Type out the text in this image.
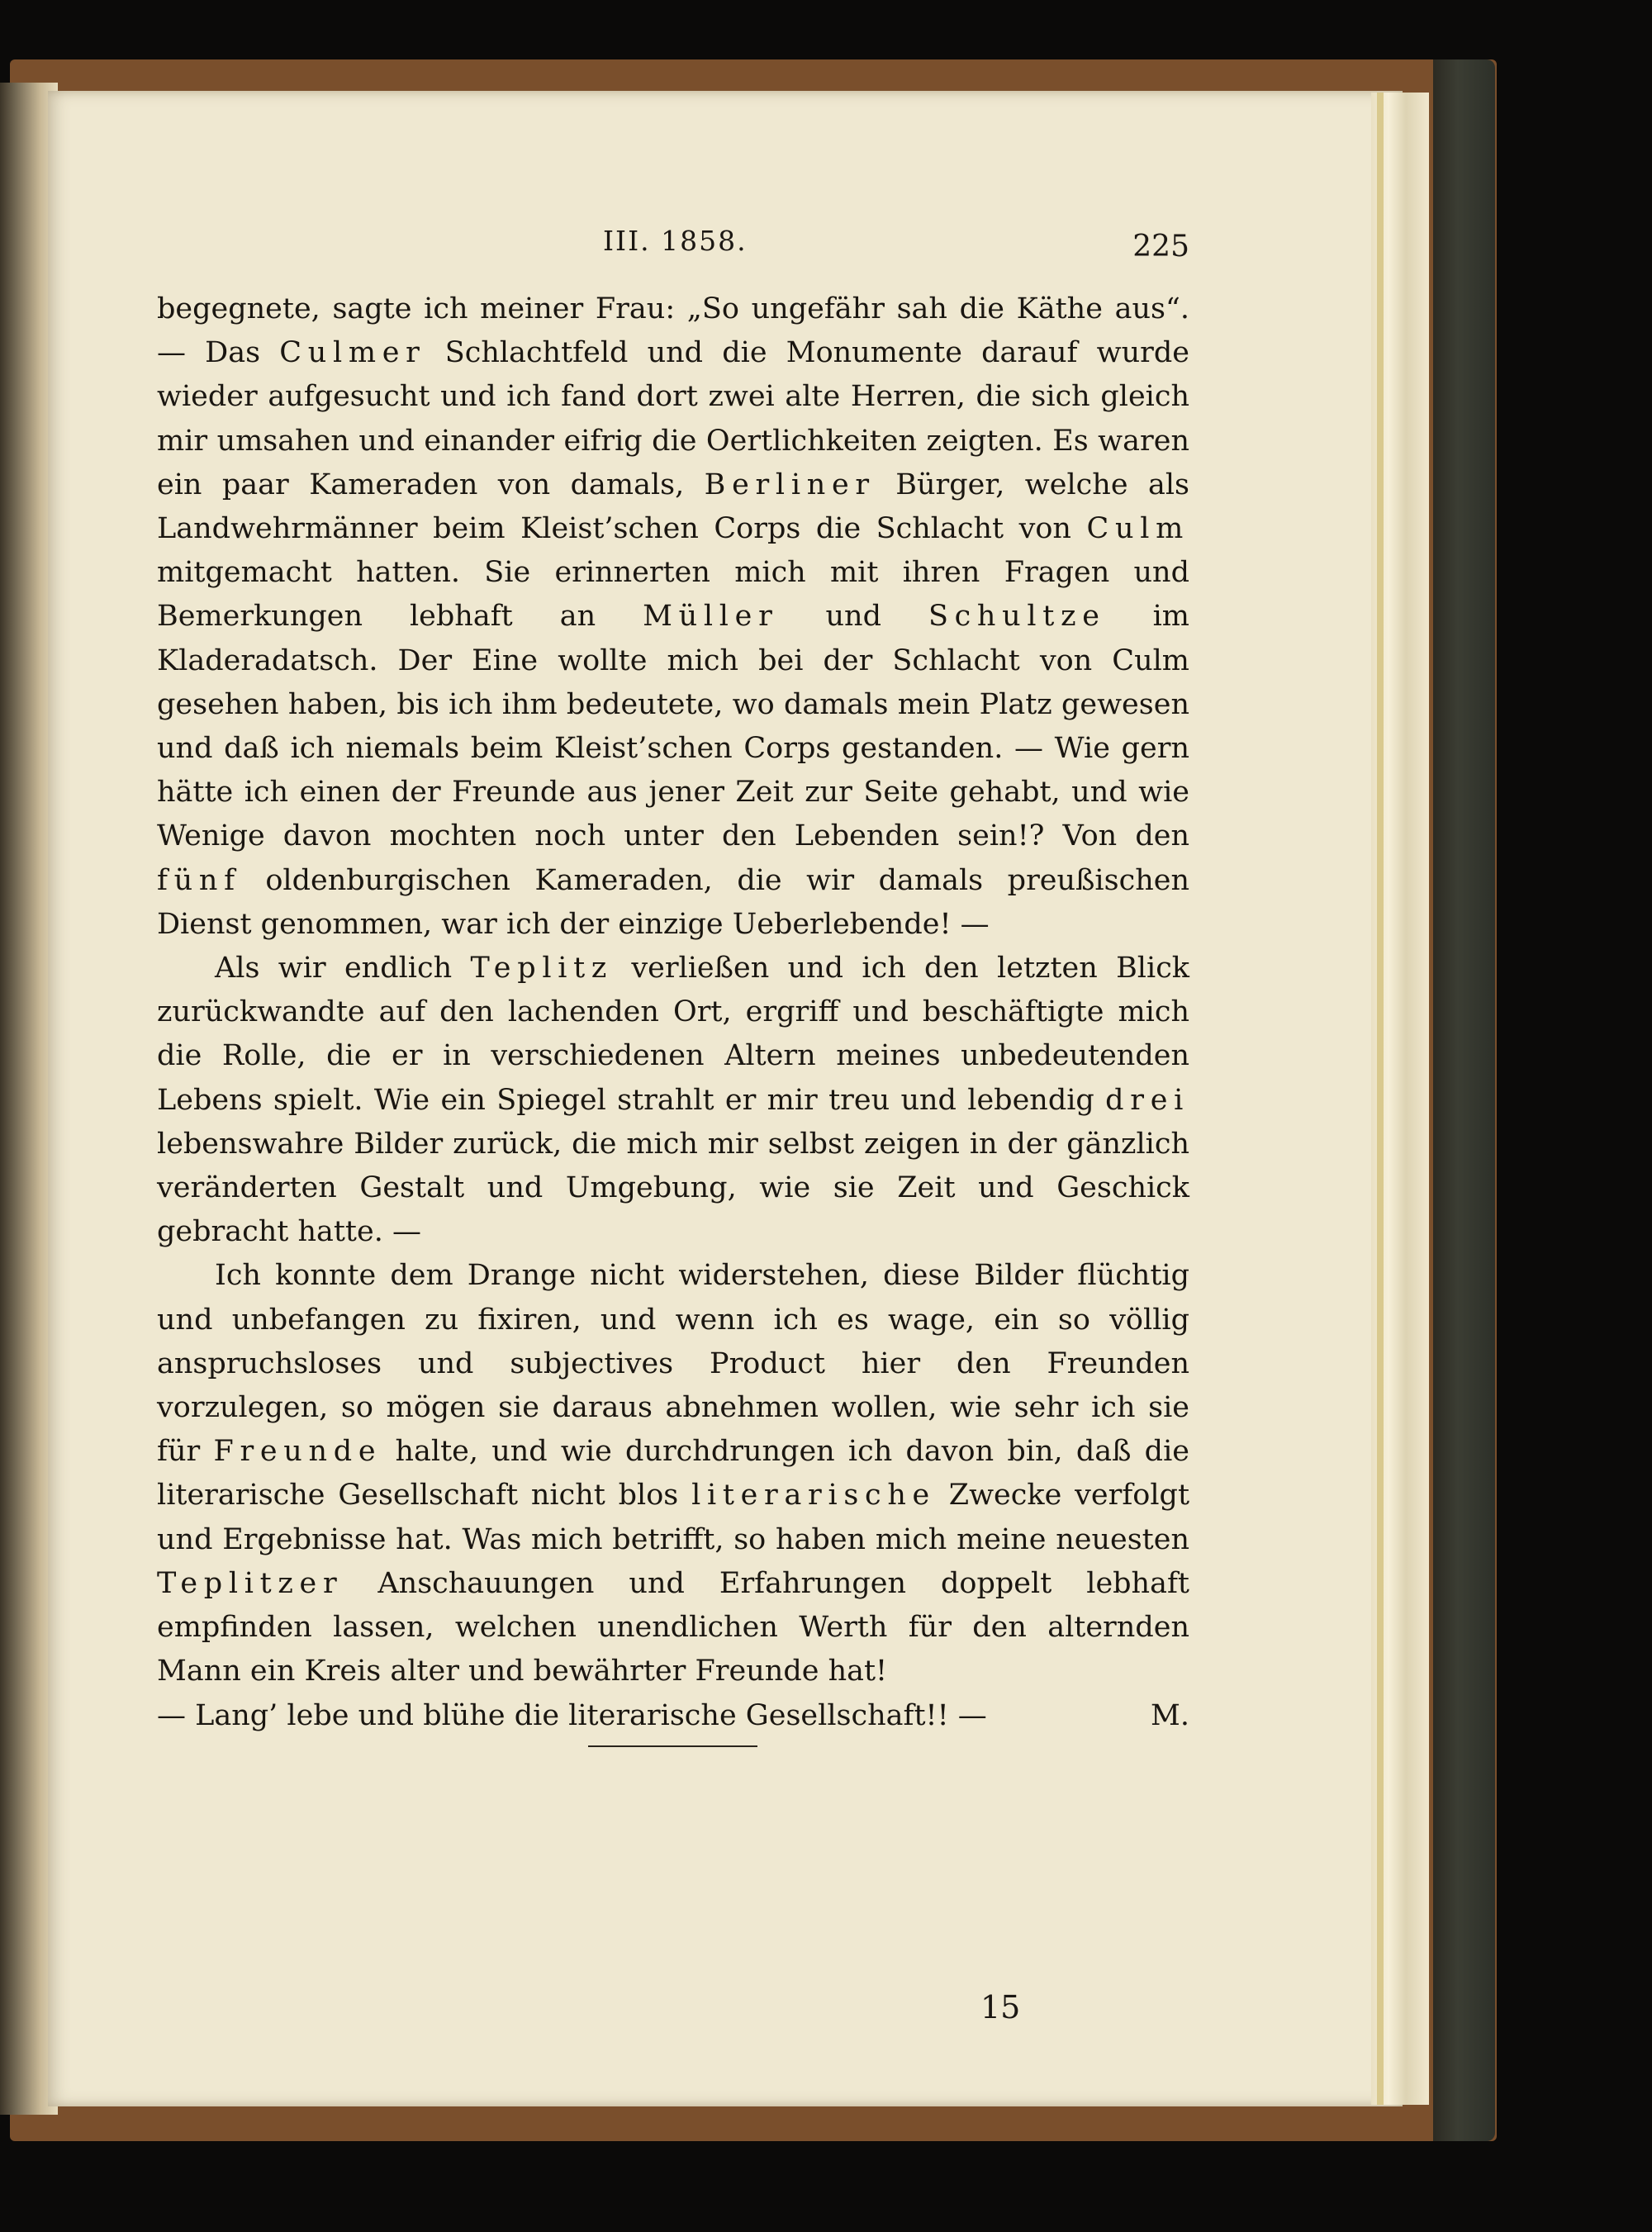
III. 1858.	225

begegnete, sagte ich meiner Frau: „So ungefähr sah die Käthe aus“. — Das Culmer Schlachtfeld und die Monumente darauf wurde wieder aufgesucht und ich fand dort zwei alte Herren, die sich gleich mir umsahen und einander eifrig die Oertlichkeiten zeigten. Es waren ein paar Kameraden von damals, Berliner Bürger, welche als Landwehrmänner beim Kleist’schen Corps die Schlacht von Culm mitgemacht hatten. Sie erinnerten mich mit ihren Fragen und Bemerkungen lebhaft an Müller und Schultze im Kladeradatsch. Der Eine wollte mich bei der Schlacht von Culm gesehen haben, bis ich ihm bedeutete, wo damals mein Platz gewesen und daß ich niemals beim Kleist’schen Corps gestanden. — Wie gern hätte ich einen der Freunde aus jener Zeit zur Seite gehabt, und wie Wenige davon mochten noch unter den Lebenden sein!? Von den fünf oldenburgischen Kameraden, die wir damals preußischen Dienst genommen, war ich der einzige Ueberlebende! —

Als wir endlich Teplitz verließen und ich den letzten Blick zurückwandte auf den lachenden Ort, ergriff und beschäftigte mich die Rolle, die er in verschiedenen Altern meines unbedeutenden Lebens spielt. Wie ein Spiegel strahlt er mir treu und lebendig drei lebenswahre Bilder zurück, die mich mir selbst zeigen in der gänzlich veränderten Gestalt und Umgebung, wie sie Zeit und Geschick gebracht hatte. —

Ich konnte dem Drange nicht widerstehen, diese Bilder flüchtig und unbefangen zu fixiren, und wenn ich es wage, ein so völlig anspruchsloses und subjectives Product hier den Freunden vorzulegen, so mögen sie daraus abnehmen wollen, wie sehr ich sie für Freunde halte, und wie durchdrungen ich davon bin, daß die literarische Gesellschaft nicht blos literarische Zwecke verfolgt und Ergebnisse hat. Was mich betrifft, so haben mich meine neuesten Teplitzer Anschauungen und Erfahrungen doppelt lebhaft empfinden lassen, welchen unendlichen Werth für den alternden Mann ein Kreis alter und bewährter Freunde hat!

— Lang’ lebe und blühe die literarische Gesellschaft!! —	M.
15
